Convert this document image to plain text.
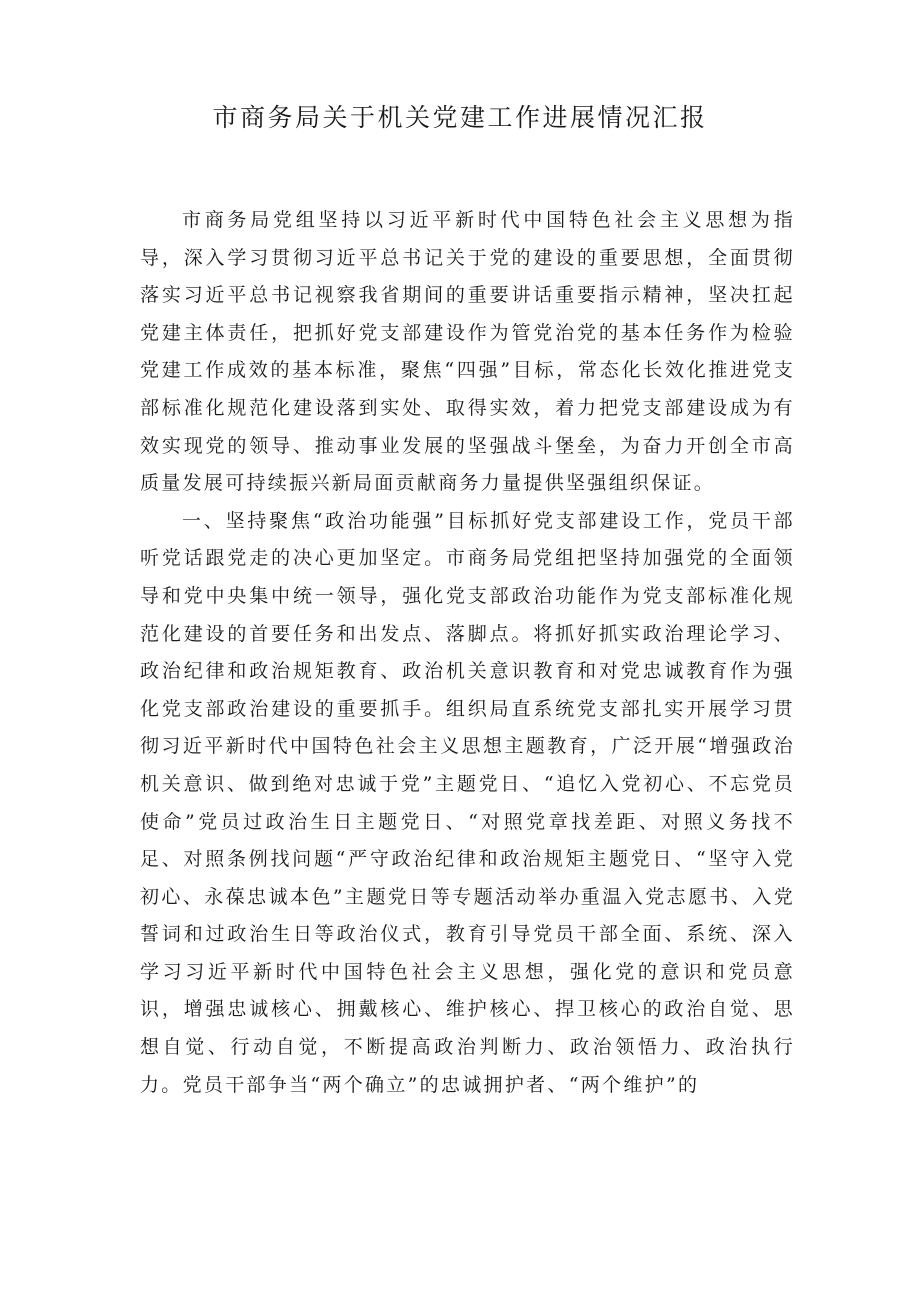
市商务局关于机关党建工作进展情况汇报

市商务局党组坚持以习近平新时代中国特色社会主义思想为指导，深入学习贯彻习近平总书记关于党的建设的重要思想，全面贯彻落实习近平总书记视察我省期间的重要讲话重要指示精神，坚决扛起党建主体责任，把抓好党支部建设作为管党治党的基本任务作为检验党建工作成效的基本标准，聚焦“四强”目标，常态化长效化推进党支部标准化规范化建设落到实处、取得实效，着力把党支部建设成为有效实现党的领导、推动事业发展的坚强战斗堡垒，为奋力开创全市高质量发展可持续振兴新局面贡献商务力量提供坚强组织保证。

一、坚持聚焦“政治功能强”目标抓好党支部建设工作，党员干部听党话跟党走的决心更加坚定。市商务局党组把坚持加强党的全面领导和党中央集中统一领导，强化党支部政治功能作为党支部标准化规范化建设的首要任务和出发点、落脚点。将抓好抓实政治理论学习、政治纪律和政治规矩教育、政治机关意识教育和对党忠诚教育作为强化党支部政治建设的重要抓手。组织局直系统党支部扎实开展学习贯彻习近平新时代中国特色社会主义思想主题教育，广泛开展“增强政治机关意识、做到绝对忠诚于党”主题党日、“追忆入党初心、不忘党员使命”党员过政治生日主题党日、“对照党章找差距、对照义务找不足、对照条例找问题“严守政治纪律和政治规矩主题党日、“坚守入党初心、永葆忠诚本色”主题党日等专题活动举办重温入党志愿书、入党誓词和过政治生日等政治仪式，教育引导党员干部全面、系统、深入学习习近平新时代中国特色社会主义思想，强化党的意识和党员意识，增强忠诚核心、拥戴核心、维护核心、捍卫核心的政治自觉、思想自觉、行动自觉，不断提高政治判断力、政治领悟力、政治执行力。党员干部争当“两个确立”的忠诚拥护者、“两个维护”的
